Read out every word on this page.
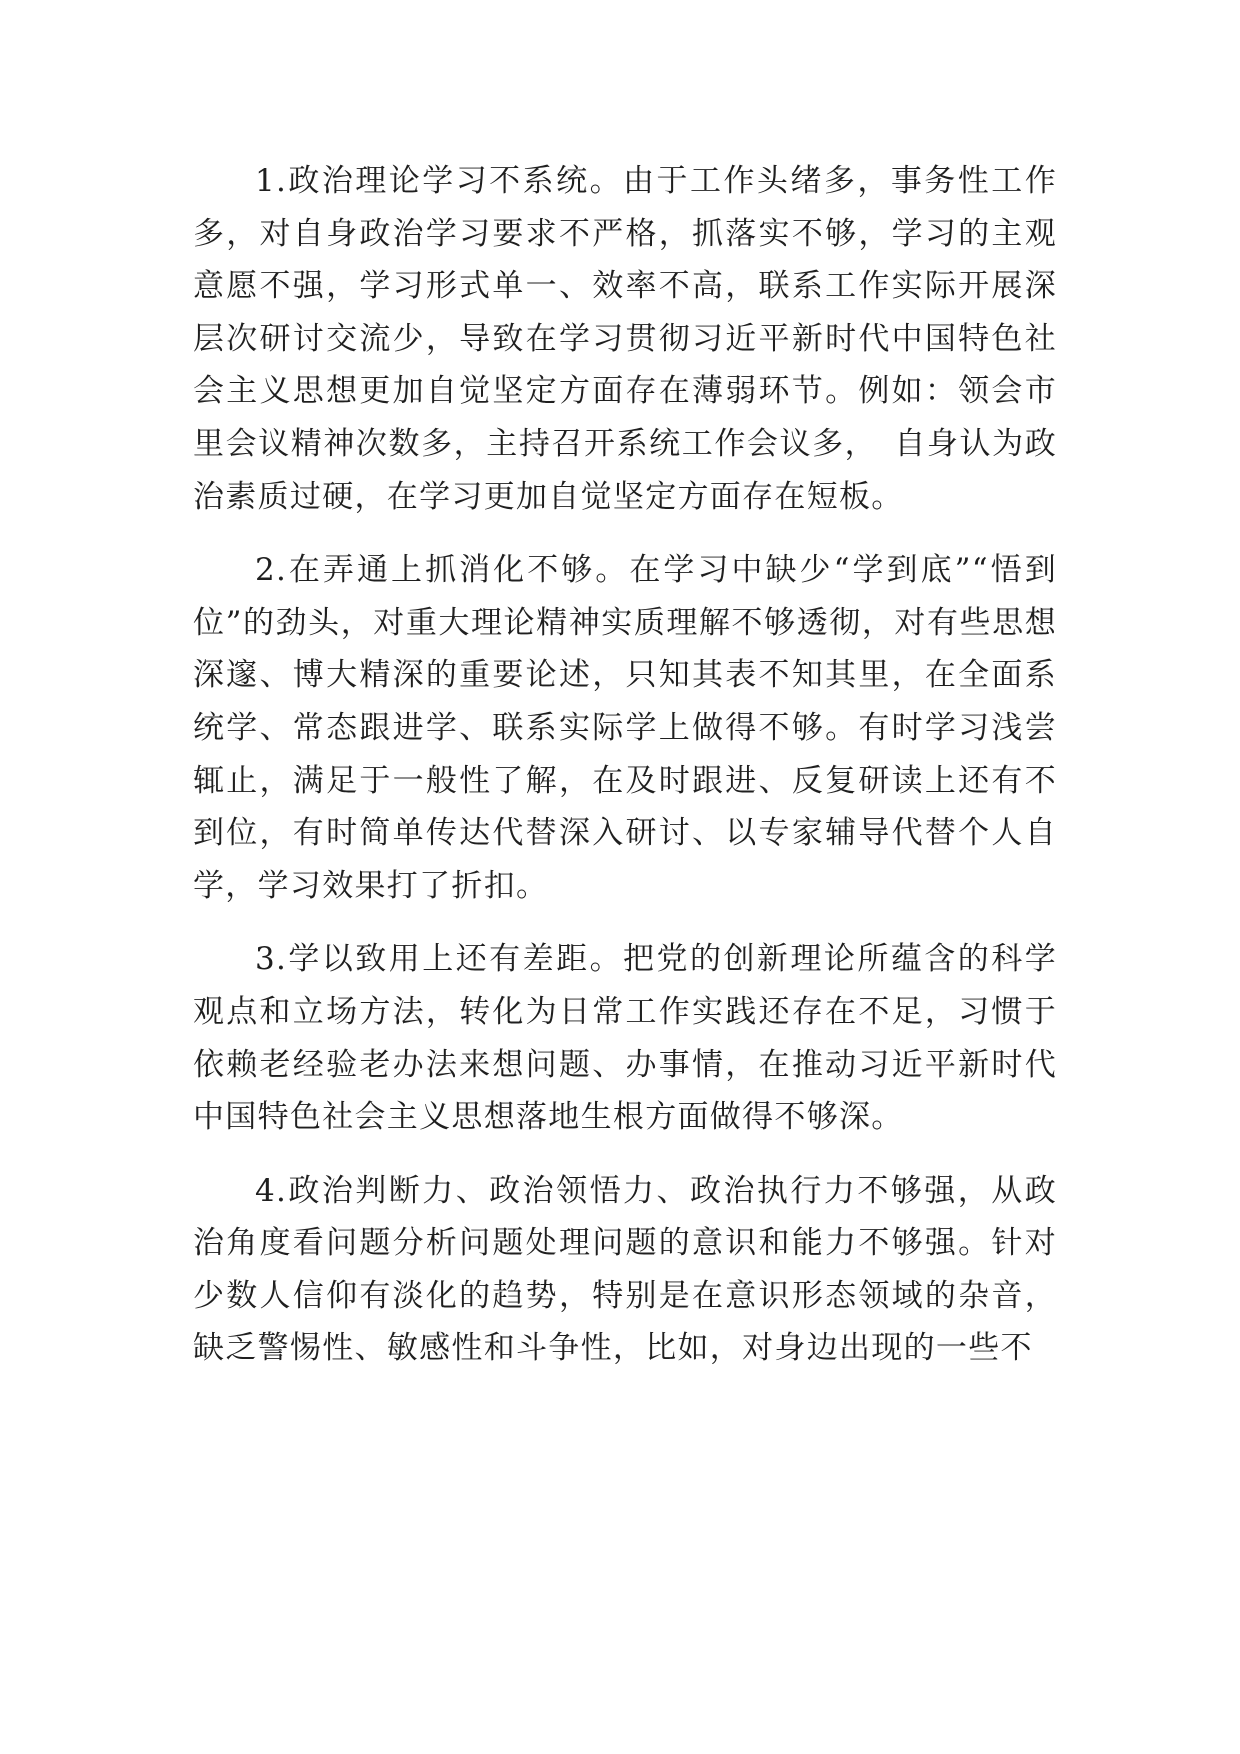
1.政治理论学习不系统。由于工作头绪多，事务性工作多，对自身政治学习要求不严格，抓落实不够，学习的主观意愿不强，学习形式单一、效率不高，联系工作实际开展深层次研讨交流少，导致在学习贯彻习近平新时代中国特色社会主义思想更加自觉坚定方面存在薄弱环节。例如：领会市里会议精神次数多，主持召开系统工作会议多，　自身认为政治素质过硬，在学习更加自觉坚定方面存在短板。

2.在弄通上抓消化不够。在学习中缺少“学到底”“悟到位”的劲头，对重大理论精神实质理解不够透彻，对有些思想深邃、博大精深的重要论述，只知其表不知其里，在全面系统学、常态跟进学、联系实际学上做得不够。有时学习浅尝辄止，满足于一般性了解，在及时跟进、反复研读上还有不到位，有时简单传达代替深入研讨、以专家辅导代替个人自学，学习效果打了折扣。

3.学以致用上还有差距。把党的创新理论所蕴含的科学观点和立场方法，转化为日常工作实践还存在不足，习惯于依赖老经验老办法来想问题、办事情，在推动习近平新时代中国特色社会主义思想落地生根方面做得不够深。

4.政治判断力、政治领悟力、政治执行力不够强，从政治角度看问题分析问题处理问题的意识和能力不够强。针对少数人信仰有淡化的趋势，特别是在意识形态领域的杂音，缺乏警惕性、敏感性和斗争性，比如，对身边出现的一些不
